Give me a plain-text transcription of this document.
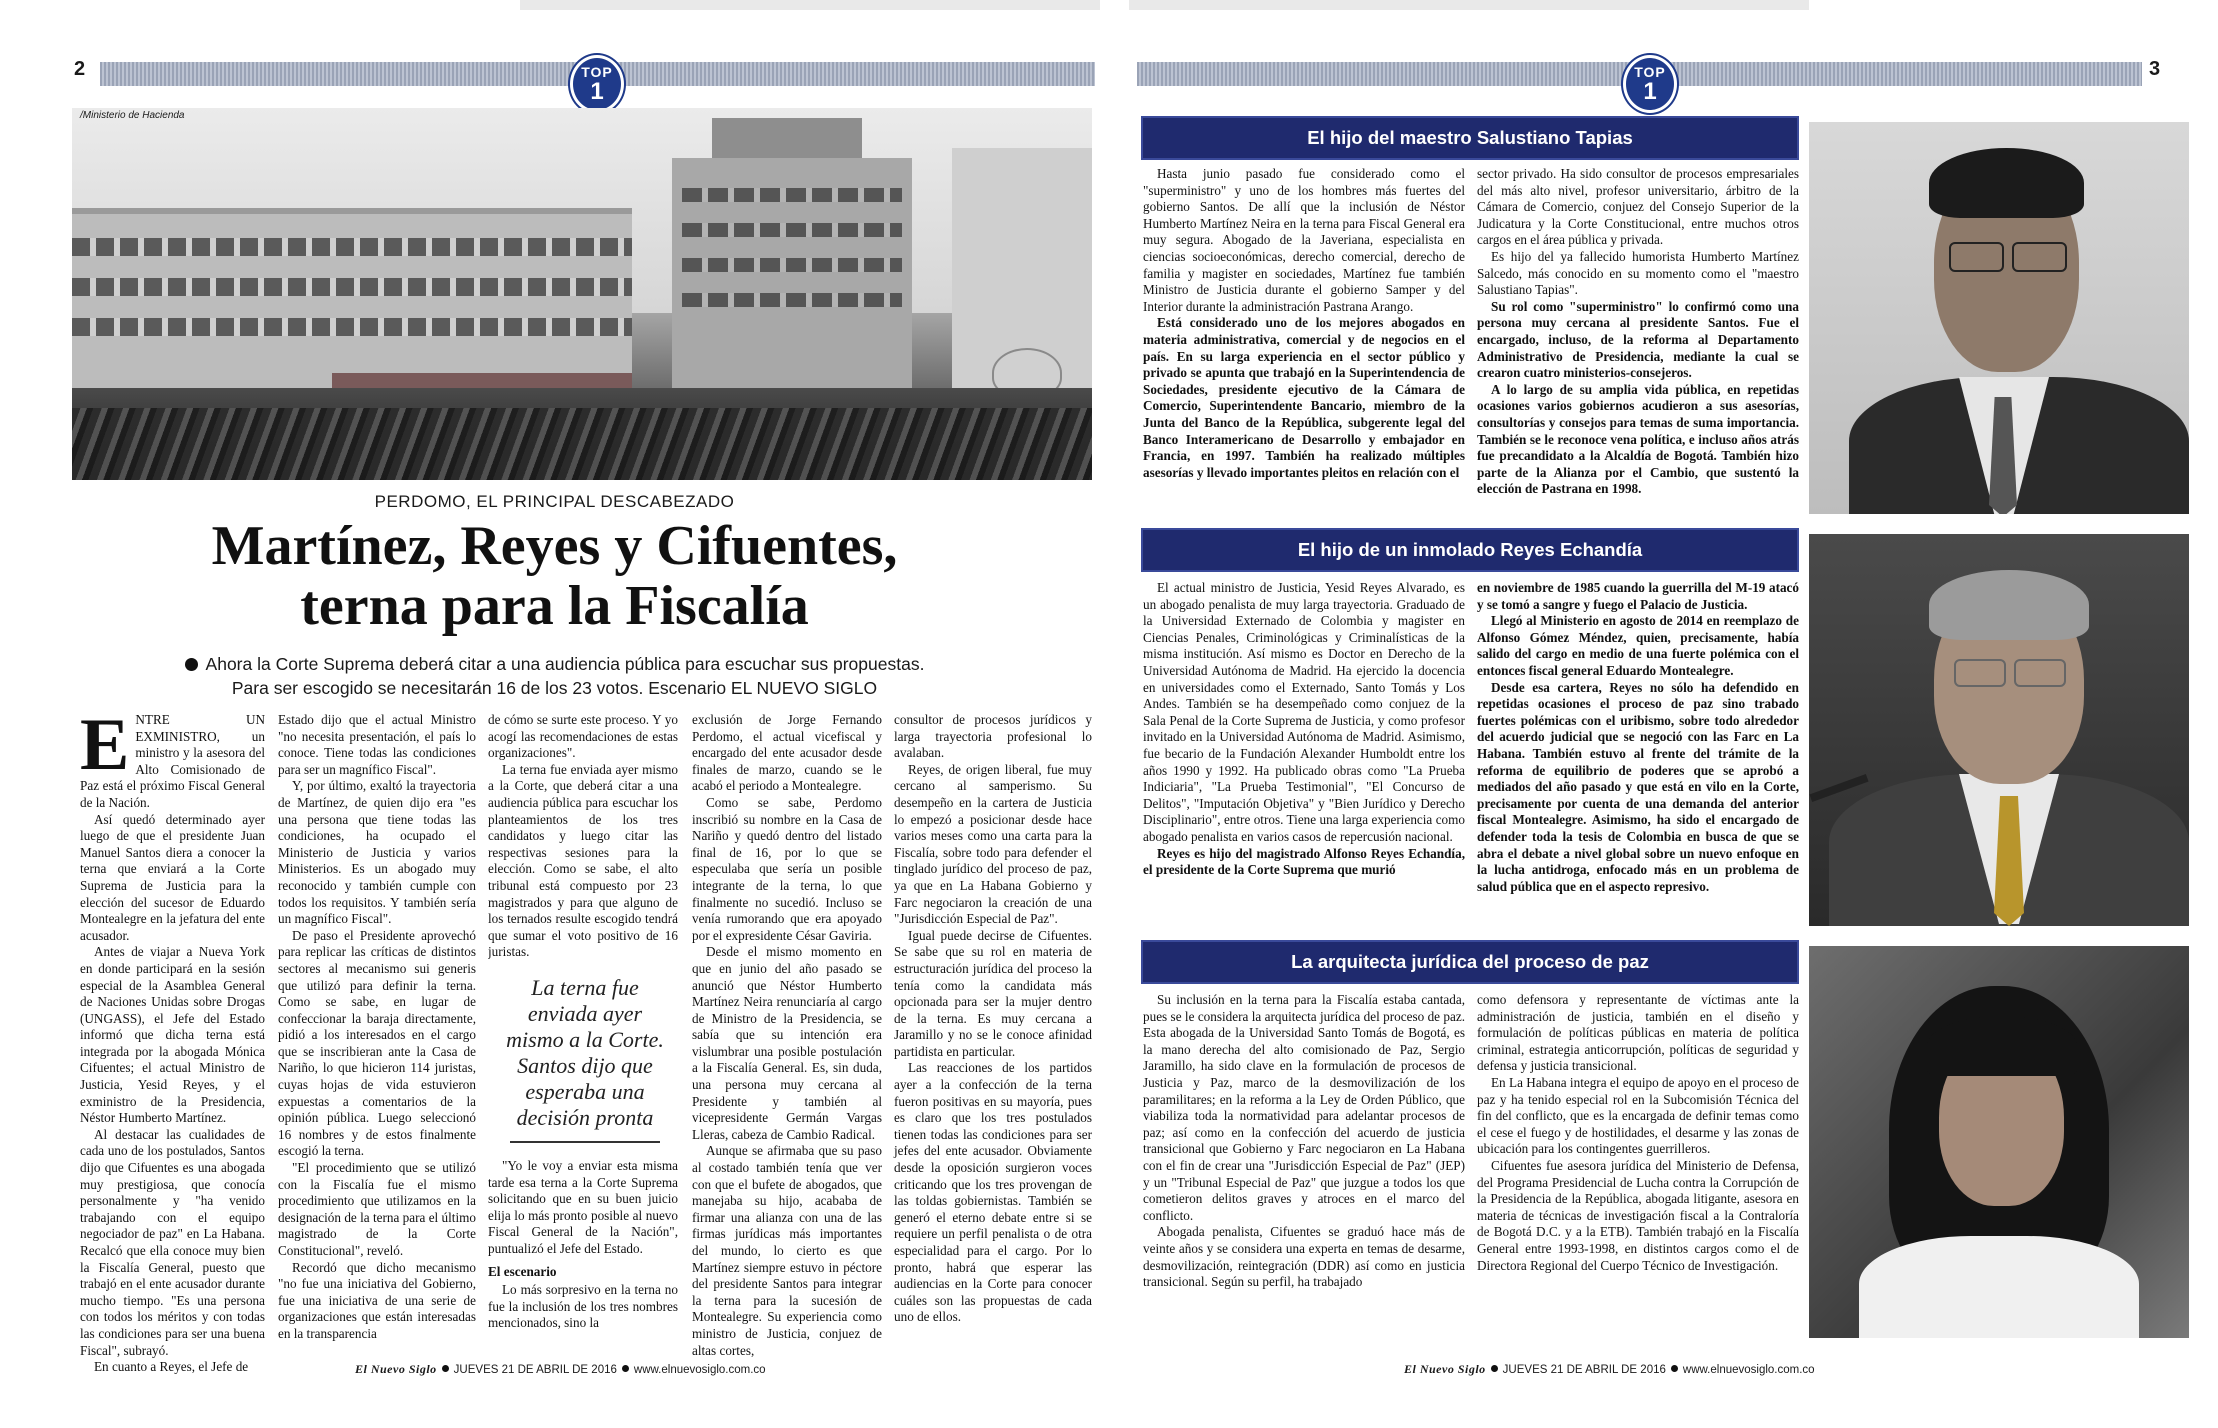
2	TOP
1
/Ministerio de Hacienda
PERDOMO, EL PRINCIPAL DESCABEZADO
Martínez, Reyes y Cifuentes,
terna para la Fiscalía
Ahora la Corte Suprema deberá citar a una audiencia pública para escuchar sus propuestas.
Para ser escogido se necesitarán 16 de los 23 votos. Escenario EL NUEVO SIGLO

ENTRE UN EXMINISTRO, un ministro y la asesora del Alto Comisionado de Paz está el próximo Fiscal General de la Nación.

Así quedó determinado ayer luego de que el presidente Juan Manuel Santos diera a conocer la terna que enviará a la Corte Suprema de Justicia para la elección del sucesor de Eduardo Montealegre en la jefatura del ente acusador.

Antes de viajar a Nueva York en donde participará en la sesión especial de la Asamblea General de Naciones Unidas sobre Drogas (UNGASS), el Jefe del Estado informó que dicha terna está integrada por la abogada Mónica Cifuentes; el actual Ministro de Justicia, Yesid Reyes, y el exministro de la Presidencia, Néstor Humberto Martínez.

Al destacar las cualidades de cada uno de los postulados, Santos dijo que Cifuentes es una abogada muy prestigiosa, que conocía personalmente y "ha venido trabajando con el equipo negociador de paz" en La Habana. Recalcó que ella conoce muy bien la Fiscalía General, puesto que trabajó en el ente acusador durante mucho tiempo. "Es una persona con todos los méritos y con todas las condiciones para ser una buena Fiscal", subrayó.

En cuanto a Reyes, el Jefe de

Estado dijo que el actual Ministro "no necesita presentación, el país lo conoce. Tiene todas las condiciones para ser un magnífico Fiscal".

Y, por último, exaltó la trayectoria de Martínez, de quien dijo era "es una persona que tiene todas las condiciones, ha ocupado el Ministerio de Justicia y varios Ministerios. Es un abogado muy reconocido y también cumple con todos los requisitos. Y también sería un magnífico Fiscal".

De paso el Presidente aprovechó para replicar las críticas de distintos sectores al mecanismo sui generis que utilizó para definir la terna. Como se sabe, en lugar de confeccionar la baraja directamente, pidió a los interesados en el cargo que se inscribieran ante la Casa de Nariño, lo que hicieron 114 juristas, cuyas hojas de vida estuvieron expuestas a comentarios de la opinión pública. Luego seleccionó 16 nombres y de estos finalmente escogió la terna.

"El procedimiento que se utilizó con la Fiscalía fue el mismo procedimiento que utilizamos en la designación de la terna para el último magistrado de la Corte Constitucional", reveló.

Recordó que dicho mecanismo "no fue una iniciativa del Gobierno, fue una iniciativa de una serie de organizaciones que están interesadas en la transparencia

de cómo se surte este proceso. Y yo acogí las recomendaciones de estas organizaciones".

La terna fue enviada ayer mismo a la Corte, que deberá citar a una audiencia pública para escuchar los planteamientos de los tres candidatos y luego citar las respectivas sesiones para la elección. Como se sabe, el alto tribunal está compuesto por 23 magistrados y para que alguno de los ternados resulte escogido tendrá que sumar el voto positivo de 16 juristas.

La terna fue enviada ayer mismo a la Corte. Santos dijo que esperaba una decisión pronta

"Yo le voy a enviar esta misma tarde esa terna a la Corte Suprema solicitando que en su buen juicio elija lo más pronto posible al nuevo Fiscal General de la Nación", puntualizó el Jefe del Estado.

El escenario

Lo más sorpresivo en la terna no fue la inclusión de los tres nombres mencionados, sino la

exclusión de Jorge Fernando Perdomo, el actual vicefiscal y encargado del ente acusador desde finales de marzo, cuando se le acabó el periodo a Montealegre.

Como se sabe, Perdomo inscribió su nombre en la Casa de Nariño y quedó dentro del listado final de 16, por lo que se especulaba que sería un posible integrante de la terna, lo que finalmente no sucedió. Incluso se venía rumorando que era apoyado por el expresidente César Gaviria.

Desde el mismo momento en que en junio del año pasado se anunció que Néstor Humberto Martínez Neira renunciaría al cargo de Ministro de la Presidencia, se sabía que su intención era vislumbrar una posible postulación a la Fiscalía General. Es, sin duda, una persona muy cercana al Presidente y también al vicepresidente Germán Vargas Lleras, cabeza de Cambio Radical.

Aunque se afirmaba que su paso al costado también tenía que ver con que el bufete de abogados, que manejaba su hijo, acababa de firmar una alianza con una de las firmas jurídicas más importantes del mundo, lo cierto es que Martínez siempre estuvo in péctore del presidente Santos para integrar la terna para la sucesión de Montealegre. Su experiencia como ministro de Justicia, conjuez de altas cortes,

consultor de procesos jurídicos y larga trayectoria profesional lo avalaban.

Reyes, de origen liberal, fue muy cercano al samperismo. Su desempeño en la cartera de Justicia lo empezó a posicionar desde hace varios meses como una carta para la Fiscalía, sobre todo para defender el tinglado jurídico del proceso de paz, ya que en La Habana Gobierno y Farc negociaron la creación de una "Jurisdicción Especial de Paz".

Igual puede decirse de Cifuentes. Se sabe que su rol en materia de estructuración jurídica del proceso la tenía como la candidata más opcionada para ser la mujer dentro de la terna. Es muy cercana a Jaramillo y no se le conoce afinidad partidista en particular.

Las reacciones de los partidos ayer a la confección de la terna fueron positivas en su mayoría, pues es claro que los tres postulados tienen todas las condiciones para ser jefes del ente acusador. Obviamente desde la oposición surgieron voces criticando que los tres provengan de las toldas gobiernistas. También se generó el eterno debate entre si se requiere un perfil penalista o de otra especialidad para el cargo. Por lo pronto, habrá que esperar las audiencias en la Corte para conocer cuáles son las propuestas de cada uno de ellos.

El Nuevo Siglo JUEVES 21 DE ABRIL DE 2016 www.elnuevosiglo.com.co
3
TOP
1
El hijo del maestro Salustiano Tapias

Hasta junio pasado fue considerado como el "superministro" y uno de los hombres más fuertes del gobierno Santos. De allí que la inclusión de Néstor Humberto Martínez Neira en la terna para Fiscal General era muy segura. Abogado de la Javeriana, especialista en ciencias socioeconómicas, derecho comercial, derecho de familia y magister en sociedades, Martínez fue también Ministro de Justicia durante el gobierno Samper y del Interior durante la administración Pastrana Arango.

Está considerado uno de los mejores abogados en materia administrativa, comercial y de negocios en el país. En su larga experiencia en el sector público y privado se apunta que trabajó en la Superintendencia de Sociedades, presidente ejecutivo de la Cámara de Comercio, Superintendente Bancario, miembro de la Junta del Banco de la República, subgerente legal del Banco Interamericano de Desarrollo y embajador en Francia, en 1997. También ha realizado múltiples asesorías y llevado importantes pleitos en relación con el

sector privado. Ha sido consultor de procesos empresariales del más alto nivel, profesor universitario, árbitro de la Cámara de Comercio, conjuez del Consejo Superior de la Judicatura y la Corte Constitucional, entre muchos otros cargos en el área pública y privada.

Es hijo del ya fallecido humorista Humberto Martínez Salcedo, más conocido en su momento como el "maestro Salustiano Tapias".

Su rol como "superministro" lo confirmó como una persona muy cercana al presidente Santos. Fue el encargado, incluso, de la reforma al Departamento Administrativo de Presidencia, mediante la cual se crearon cuatro ministerios-consejeros.

A lo largo de su amplia vida pública, en repetidas ocasiones varios gobiernos acudieron a sus asesorías, consultorías y consejos para temas de suma importancia. También se le reconoce vena política, e incluso años atrás fue precandidato a la Alcaldía de Bogotá. También hizo parte de la Alianza por el Cambio, que sustentó la elección de Pastrana en 1998.

El hijo de un inmolado Reyes Echandía

El actual ministro de Justicia, Yesid Reyes Alvarado, es un abogado penalista de muy larga trayectoria. Graduado de la Universidad Externado de Colombia y magister en Ciencias Penales, Criminológicas y Criminalísticas de la misma institución. Así mismo es Doctor en Derecho de la Universidad Autónoma de Madrid. Ha ejercido la docencia en universidades como el Externado, Santo Tomás y Los Andes. También se ha desempeñado como conjuez de la Sala Penal de la Corte Suprema de Justicia, y como profesor invitado en la Universidad Autónoma de Madrid. Asimismo, fue becario de la Fundación Alexander Humboldt entre los años 1990 y 1992. Ha publicado obras como "La Prueba Indiciaria", "La Prueba Testimonial", "El Concurso de Delitos", "Imputación Objetiva" y "Bien Jurídico y Derecho Disciplinario", entre otros. Tiene una larga experiencia como abogado penalista en varios casos de repercusión nacional.

Reyes es hijo del magistrado Alfonso Reyes Echandía, el presidente de la Corte Suprema que murió

en noviembre de 1985 cuando la guerrilla del M-19 atacó y se tomó a sangre y fuego el Palacio de Justicia.

Llegó al Ministerio en agosto de 2014 en reemplazo de Alfonso Gómez Méndez, quien, precisamente, había salido del cargo en medio de una fuerte polémica con el entonces fiscal general Eduardo Montealegre.

Desde esa cartera, Reyes no sólo ha defendido en repetidas ocasiones el proceso de paz sino trabado fuertes polémicas con el uribismo, sobre todo alrededor del acuerdo judicial que se negoció con las Farc en La Habana. También estuvo al frente del trámite de la reforma de equilibrio de poderes que se aprobó a mediados del año pasado y que está en vilo en la Corte, precisamente por cuenta de una demanda del anterior fiscal Montealegre. Asimismo, ha sido el encargado de defender toda la tesis de Colombia en busca de que se abra el debate a nivel global sobre un nuevo enfoque en la lucha antidroga, enfocado más en un problema de salud pública que en el aspecto represivo.

La arquitecta jurídica del proceso de paz

Su inclusión en la terna para la Fiscalía estaba cantada, pues se le considera la arquitecta jurídica del proceso de paz. Esta abogada de la Universidad Santo Tomás de Bogotá, es la mano derecha del alto comisionado de Paz, Sergio Jaramillo, ha sido clave en la formulación de procesos de Justicia y Paz, marco de la desmovilización de los paramilitares; en la reforma a la Ley de Orden Público, que viabiliza toda la normatividad para adelantar procesos de paz; así como en la confección del acuerdo de justicia transicional que Gobierno y Farc negociaron en La Habana con el fin de crear una "Jurisdicción Especial de Paz" (JEP) y un "Tribunal Especial de Paz" que juzgue a todos los que cometieron delitos graves y atroces en el marco del conflicto.

Abogada penalista, Cifuentes se graduó hace más de veinte años y se considera una experta en temas de desarme, desmovilización, reintegración (DDR) así como en justicia transicional. Según su perfil, ha trabajado

como defensora y representante de víctimas ante la administración de justicia, también en el diseño y formulación de políticas públicas en materia de política criminal, estrategia anticorrupción, políticas de seguridad y defensa y justicia transicional.

En La Habana integra el equipo de apoyo en el proceso de paz y ha tenido especial rol en la Subcomisión Técnica del fin del conflicto, que es la encargada de definir temas como el cese el fuego y de hostilidades, el desarme y las zonas de ubicación para los contingentes guerrilleros.

Cifuentes fue asesora jurídica del Ministerio de Defensa, del Programa Presidencial de Lucha contra la Corrupción de la Presidencia de la República, abogada litigante, asesora en materia de técnicas de investigación fiscal a la Contraloría de Bogotá D.C. y a la ETB). También trabajó en la Fiscalía General entre 1993-1998, en distintos cargos como el de Directora Regional del Cuerpo Técnico de Investigación.

El Nuevo Siglo JUEVES 21 DE ABRIL DE 2016 www.elnuevosiglo.com.co
